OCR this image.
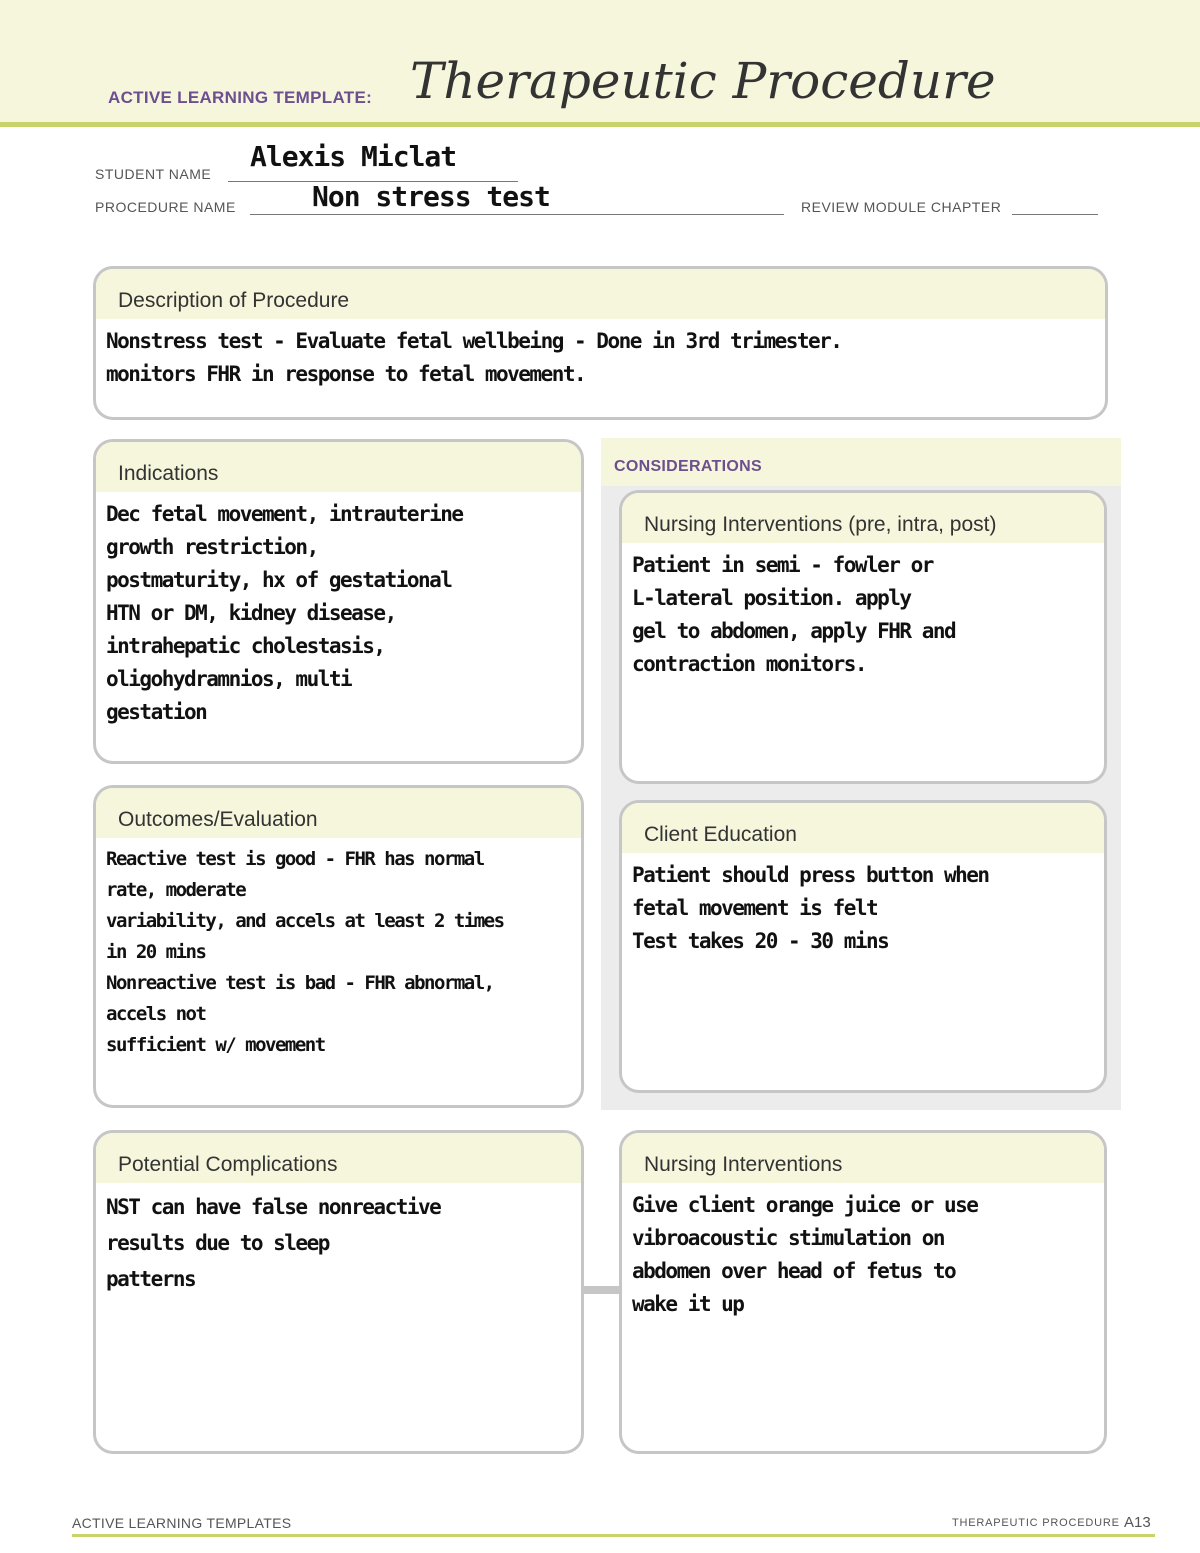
ACTIVE LEARNING TEMPLATE: Therapeutic Procedure
STUDENT NAME
Alexis Miclat
PROCEDURE NAME	Non stress test	REVIEW MODULE CHAPTER
Description of Procedure
Nonstress test - Evaluate fetal wellbeing - Done in 3rd trimester.
monitors FHR in response to fetal movement.
Indications
Dec fetal movement, intrauterine
growth restriction,
postmaturity, hx of gestational
HTN or DM, kidney disease,
intrahepatic cholestasis,
oligohydramnios, multi
gestation
CONSIDERATIONS
Nursing Interventions (pre, intra, post)
Patient in semi - fowler or
L-lateral position. apply
gel to abdomen, apply FHR and
contraction monitors.
Outcomes/Evaluation
Reactive test is good - FHR has normal
rate, moderate
variability, and accels at least 2 times
in 20 mins
Nonreactive test is bad - FHR abnormal,
accels not
sufficient w/ movement
Client Education
Patient should press button when
fetal movement is felt
Test takes 20 - 30 mins
Potential Complications
NST can have false nonreactive
results due to sleep
patterns
Nursing Interventions
Give client orange juice or use
vibroacoustic stimulation on
abdomen over head of fetus to
wake it up
ACTIVE LEARNING TEMPLATES	THERAPEUTIC PROCEDURE A13
